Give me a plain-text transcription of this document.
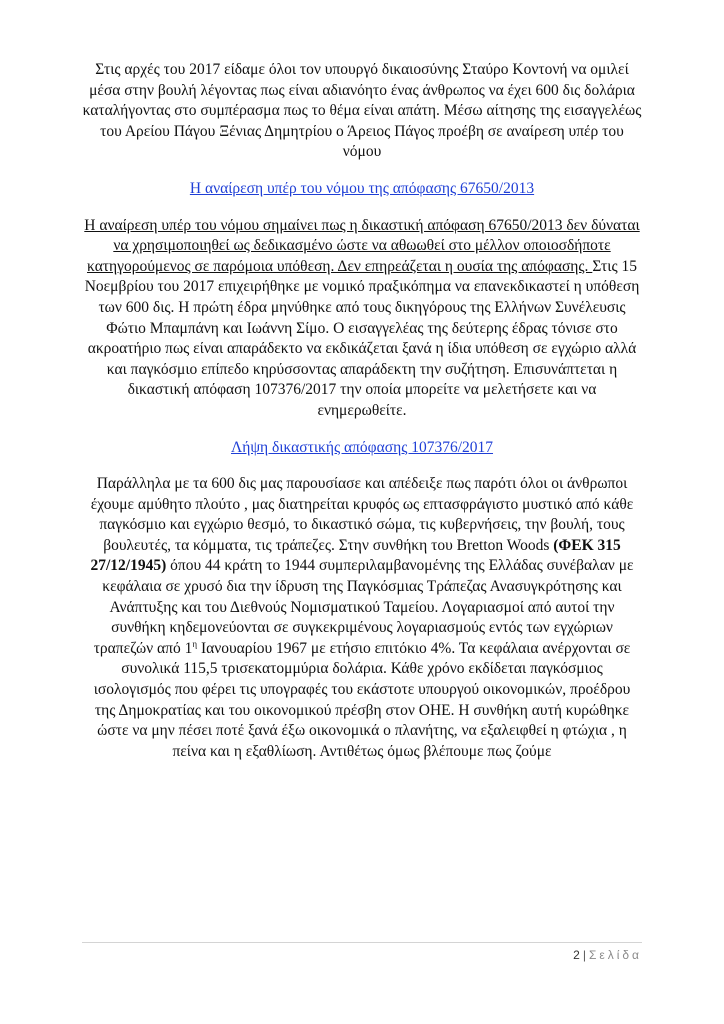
Στις αρχές του 2017 είδαμε όλοι τον υπουργό δικαιοσύνης Σταύρο Κοντονή να ομιλεί μέσα στην βουλή λέγοντας πως είναι αδιανόητο ένας άνθρωπος να έχει 600 δις δολάρια καταλήγοντας στο συμπέρασμα πως το θέμα είναι απάτη. Μέσω αίτησης της εισαγγελέως του Αρείου Πάγου Ξένιας Δημητρίου ο Άρειος Πάγος προέβη σε αναίρεση υπέρ του νόμου

Η αναίρεση υπέρ του νόμου της απόφασης 67650/2013

Η αναίρεση υπέρ του νόμου σημαίνει πως η δικαστική απόφαση 67650/2013 δεν δύναται να χρησιμοποιηθεί ως δεδικασμένο ώστε να αθωωθεί στο μέλλον οποιοσδήποτε κατηγορούμενος σε παρόμοια υπόθεση. Δεν επηρεάζεται η ουσία της απόφασης. Στις 15 Νοεμβρίου του 2017 επιχειρήθηκε με νομικό πραξικόπημα να επανεκδικαστεί η υπόθεση των 600 δις. Η πρώτη έδρα μηνύθηκε από τους δικηγόρους της Ελλήνων Συνέλευσις Φώτιο Μπαμπάνη και Ιωάννη Σίμο. Ο εισαγγελέας της δεύτερης έδρας τόνισε στο ακροατήριο πως είναι απαράδεκτο να εκδικάζεται ξανά η ίδια υπόθεση σε εγχώριο αλλά και παγκόσμιο επίπεδο κηρύσσοντας απαράδεκτη την συζήτηση. Επισυνάπτεται η δικαστική απόφαση 107376/2017 την οποία μπορείτε να μελετήσετε και να ενημερωθείτε.

Λήψη δικαστικής απόφασης 107376/2017

Παράλληλα με τα 600 δις μας παρουσίασε και απέδειξε πως παρότι όλοι οι άνθρωποι έχουμε αμύθητο πλούτο , μας διατηρείται κρυφός ως επτασφράγιστο μυστικό από κάθε παγκόσμιο και εγχώριο θεσμό, το δικαστικό σώμα, τις κυβερνήσεις, την βουλή, τους βουλευτές, τα κόμματα, τις τράπεζες. Στην συνθήκη του Bretton Woods (ΦΕΚ 315 27/12/1945) όπου 44 κράτη το 1944 συμπεριλαμβανομένης της Ελλάδας συνέβαλαν με κεφάλαια σε χρυσό δια την ίδρυση της Παγκόσμιας Τράπεζας Ανασυγκρότησης και Ανάπτυξης και του Διεθνούς Νομισματικού Ταμείου. Λογαριασμοί από αυτοί την συνθήκη κηδεμονεύονται σε συγκεκριμένους λογαριασμούς εντός των εγχώριων τραπεζών από $1^\eta$ Ιανουαρίου 1967 με ετήσιο επιτόκιο 4%. Τα κεφάλαια ανέρχονται σε συνολικά 115,5 τρισεκατομμύρια δολάρια. Κάθε χρόνο εκδίδεται παγκόσμιος ισολογισμός που φέρει τις υπογραφές του εκάστοτε υπουργού οικονομικών, προέδρου της Δημοκρατίας και του οικονομικού πρέσβη στον ΟΗΕ. Η συνθήκη αυτή κυρώθηκε ώστε να μην πέσει ποτέ ξανά έξω οικονομικά ο πλανήτης, να εξαλειφθεί η φτώχια , η πείνα και η εξαθλίωση. Αντιθέτως όμως βλέπουμε πως ζούμε

2 | Σελίδα
